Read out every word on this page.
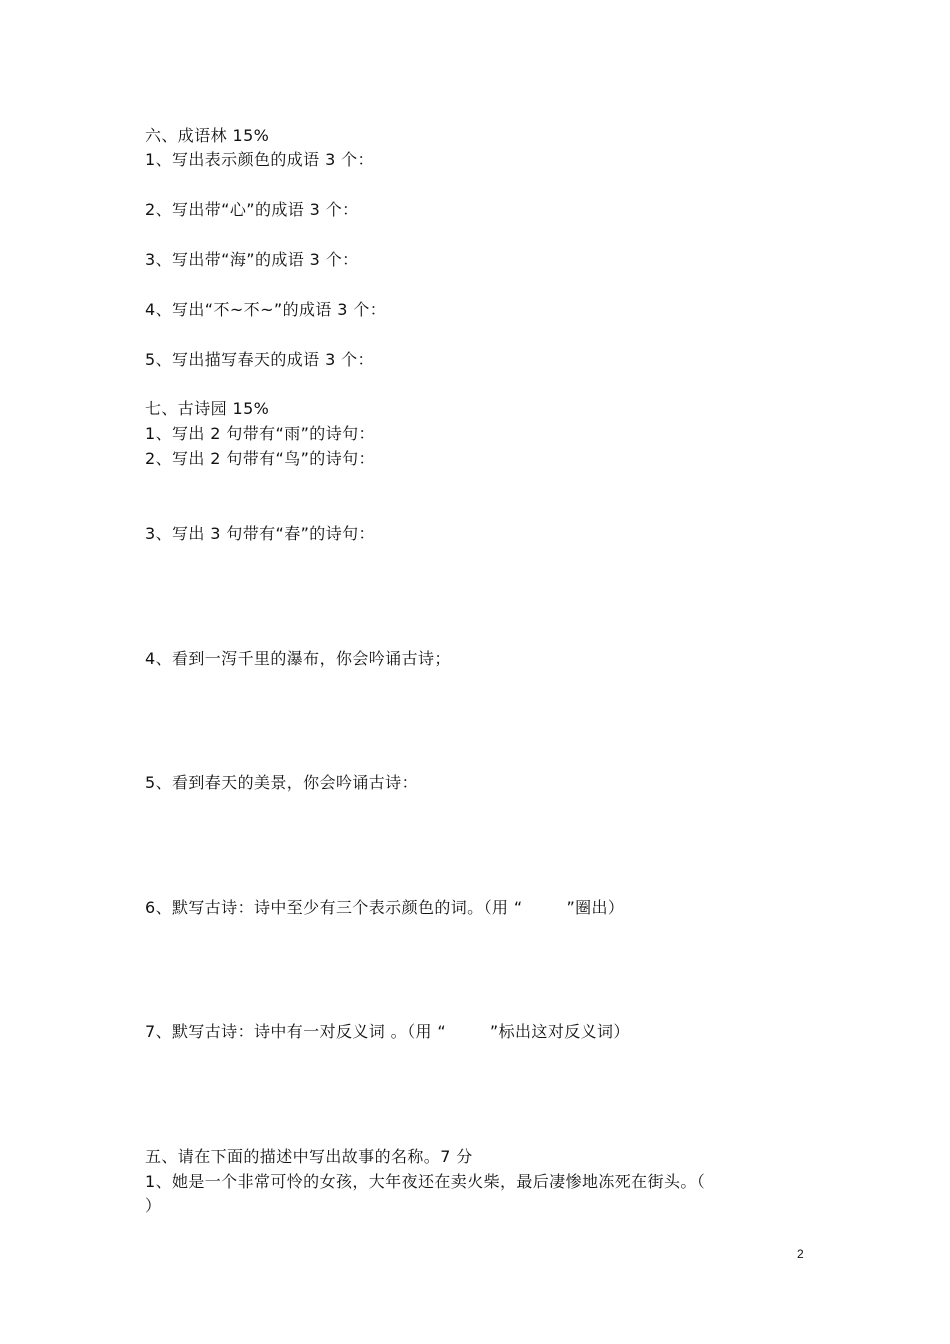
六、成语林 15%
1、写出表示颜色的成语 3 个：
2、写出带“心”的成语 3 个：
3、写出带“海”的成语 3 个：
4、写出“不~不~”的成语 3 个：
5、写出描写春天的成语 3 个：
七、古诗园 15%
1、写出 2 句带有“雨”的诗句：
2、写出 2 句带有“鸟”的诗句：
3、写出 3 句带有“春”的诗句：
4、看到一泻千里的瀑布，你会吟诵古诗；
5、看到春天的美景，你会吟诵古诗：
6、默写古诗：诗中至少有三个表示颜色的词。（用 “        ”圈出）
7、默写古诗：诗中有一对反义词 。（用 “        ”标出这对反义词）
五、请在下面的描述中写出故事的名称。7 分
1、她是一个非常可怜的女孩，大年夜还在卖火柴，最后凄惨地冻死在街头。（
）
2
